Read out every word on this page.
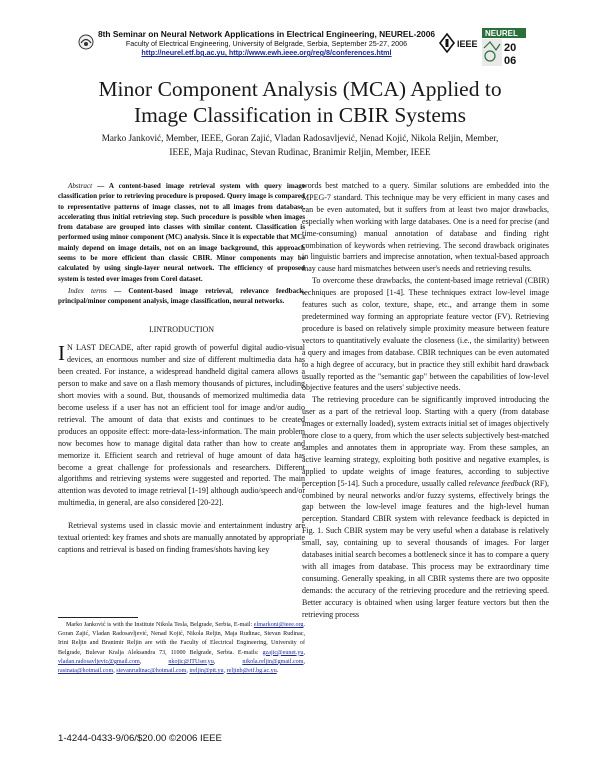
8th Seminar on Neural Network Applications in Electrical Engineering, NEUREL-2006
Faculty of Electrical Engineering, University of Belgrade, Serbia, September 25-27, 2006
http://neurel.etf.bg.ac.yu, http://www.ewh.ieee.org/reg/8/conferences.html
IEEE
NEUREL
20
06
Minor Component Analysis (MCA) Applied to
Image Classification in CBIR Systems
Marko Janković, Member, IEEE, Goran Zajić, Vladan Radosavljević, Nenad Kojić, Nikola Reljin, Member,
IEEE, Maja Rudinac, Stevan Rudinac, Branimir Reljin, Member, IEEE

Abstract — A content-based image retrieval system with query image classification prior to retrieving procedure is proposed. Query image is compared to representative patterns of image classes, not to all images from database, accelerating thus initial retrieving step. Such procedure is possible when images from database are grouped into classes with similar content. Classification is performed using minor component (MC) analysis. Since it is expectable that MCs mainly depend on image details, not on an image background, this approach seems to be more efficient than classic CBIR. Minor components may be calculated by using single-layer neural network. The efficiency of proposed system is tested over images from Corel dataset.

Index terms — Content-based image retrieval, relevance feedback, principal/minor component analysis, image classification, neural networks.

I.INTRODUCTION

I N LAST DECADE, after rapid growth of powerful digital audio-visual devices, an enormous number and size of different multimedia data has been created. For instance, a widespread handheld digital camera allows a person to make and save on a flash memory thousands of pictures, including short movies with a sound. But, thousands of memorized multimedia data become useless if a user has not an efficient tool for image and/or audio retrieval. The amount of data that exists and continues to be created produces an opposite effect: more-data-less-information. The main problem now becomes how to manage digital data rather than how to create and memorize it. Efficient search and retrieval of huge amount of data has become a great challenge for professionals and researchers. Different algorithms and retrieving systems were suggested and reported. The main attention was devoted to image retrieval [1-19] although audio/speech and/or multimedia, in general, are also considered [20-22].

Retrieval systems used in classic movie and entertainment industry are textual oriented: key frames and shots are manually annotated by appropriate captions and retrieval is based on finding frames/shots having key

Marko Janković is with the Institute Nikola Tesla, Belgrade, Serbia, E-mail: elmarkoni@ieee.org. Goran Zajić, Vladan Radosavljević, Nenad Kojić, Nikola Reljin, Maja Rudinac, Stevan Rudinac, Irini Reljin and Branimir Reljin are with the Faculty of Electrical Engineering, University of Belgrade, Bulevar Kralja Aleksandra 73, 11000 Belgrade, Serbia. E-mails: gzajic@eunet.yu, vladan.radosavljevic@gmail.com, nkojic@ITUser.yu, nikola.reljin@gmail.com, rasinata@hotmail.com, stevanrudinac@hotmail.com, ireljin@ptt.yu, reljinb@etf.bg.ac.yu.

1-4244-0433-9/06/$20.00 ©2006 IEEE

words best matched to a query. Similar solutions are embedded into the MPEG-7 standard. This technique may be very efficient in many cases and can be even automated, but it suffers from at least two major drawbacks, especially when working with large databases. One is a need for precise (and time-consuming) manual annotation of database and finding right combination of keywords when retrieving. The second drawback originates in linguistic barriers and imprecise annotation, when textual-based approach may cause hard mismatches between user's needs and retrieving results.

To overcome these drawbacks, the content-based image retrieval (CBIR) techniques are proposed [1-4]. These techniques extract low-level image features such as color, texture, shape, etc., and arrange them in some predetermined way forming an appropriate feature vector (FV). Retrieving procedure is based on relatively simple proximity measure between feature vectors to quantitatively evaluate the closeness (i.e., the similarity) between a query and images from database. CBIR techniques can be even automated to a high degree of accuracy, but in practice they still exhibit hard drawback usually reported as the "semantic gap" between the capabilities of low-level objective features and the users' subjective needs.

The retrieving procedure can be significantly improved introducing the user as a part of the retrieval loop. Starting with a query (from database images or externally loaded), system extracts initial set of images objectively more close to a query, from which the user selects subjectively best-matched samples and annotates them in appropriate way. From these samples, an active learning strategy, exploiting both positive and negative examples, is applied to update weights of image features, according to subjective perception [5-14]. Such a procedure, usually called relevance feedback (RF), combined by neural networks and/or fuzzy systems, effectively brings the gap between the low-level image features and the high-level human perception. Standard CBIR system with relevance feedback is depicted in Fig. 1. Such CBIR system may be very useful when a database is relatively small, say, containing up to several thousands of images. For larger databases initial search becomes a bottleneck since it has to compare a query with all images from database. This process may be extraordinary time consuming. Generally speaking, in all CBIR systems there are two opposite demands: the accuracy of the retrieving procedure and the retrieving speed. Better accuracy is obtained when using larger feature vectors but then the retrieving process
